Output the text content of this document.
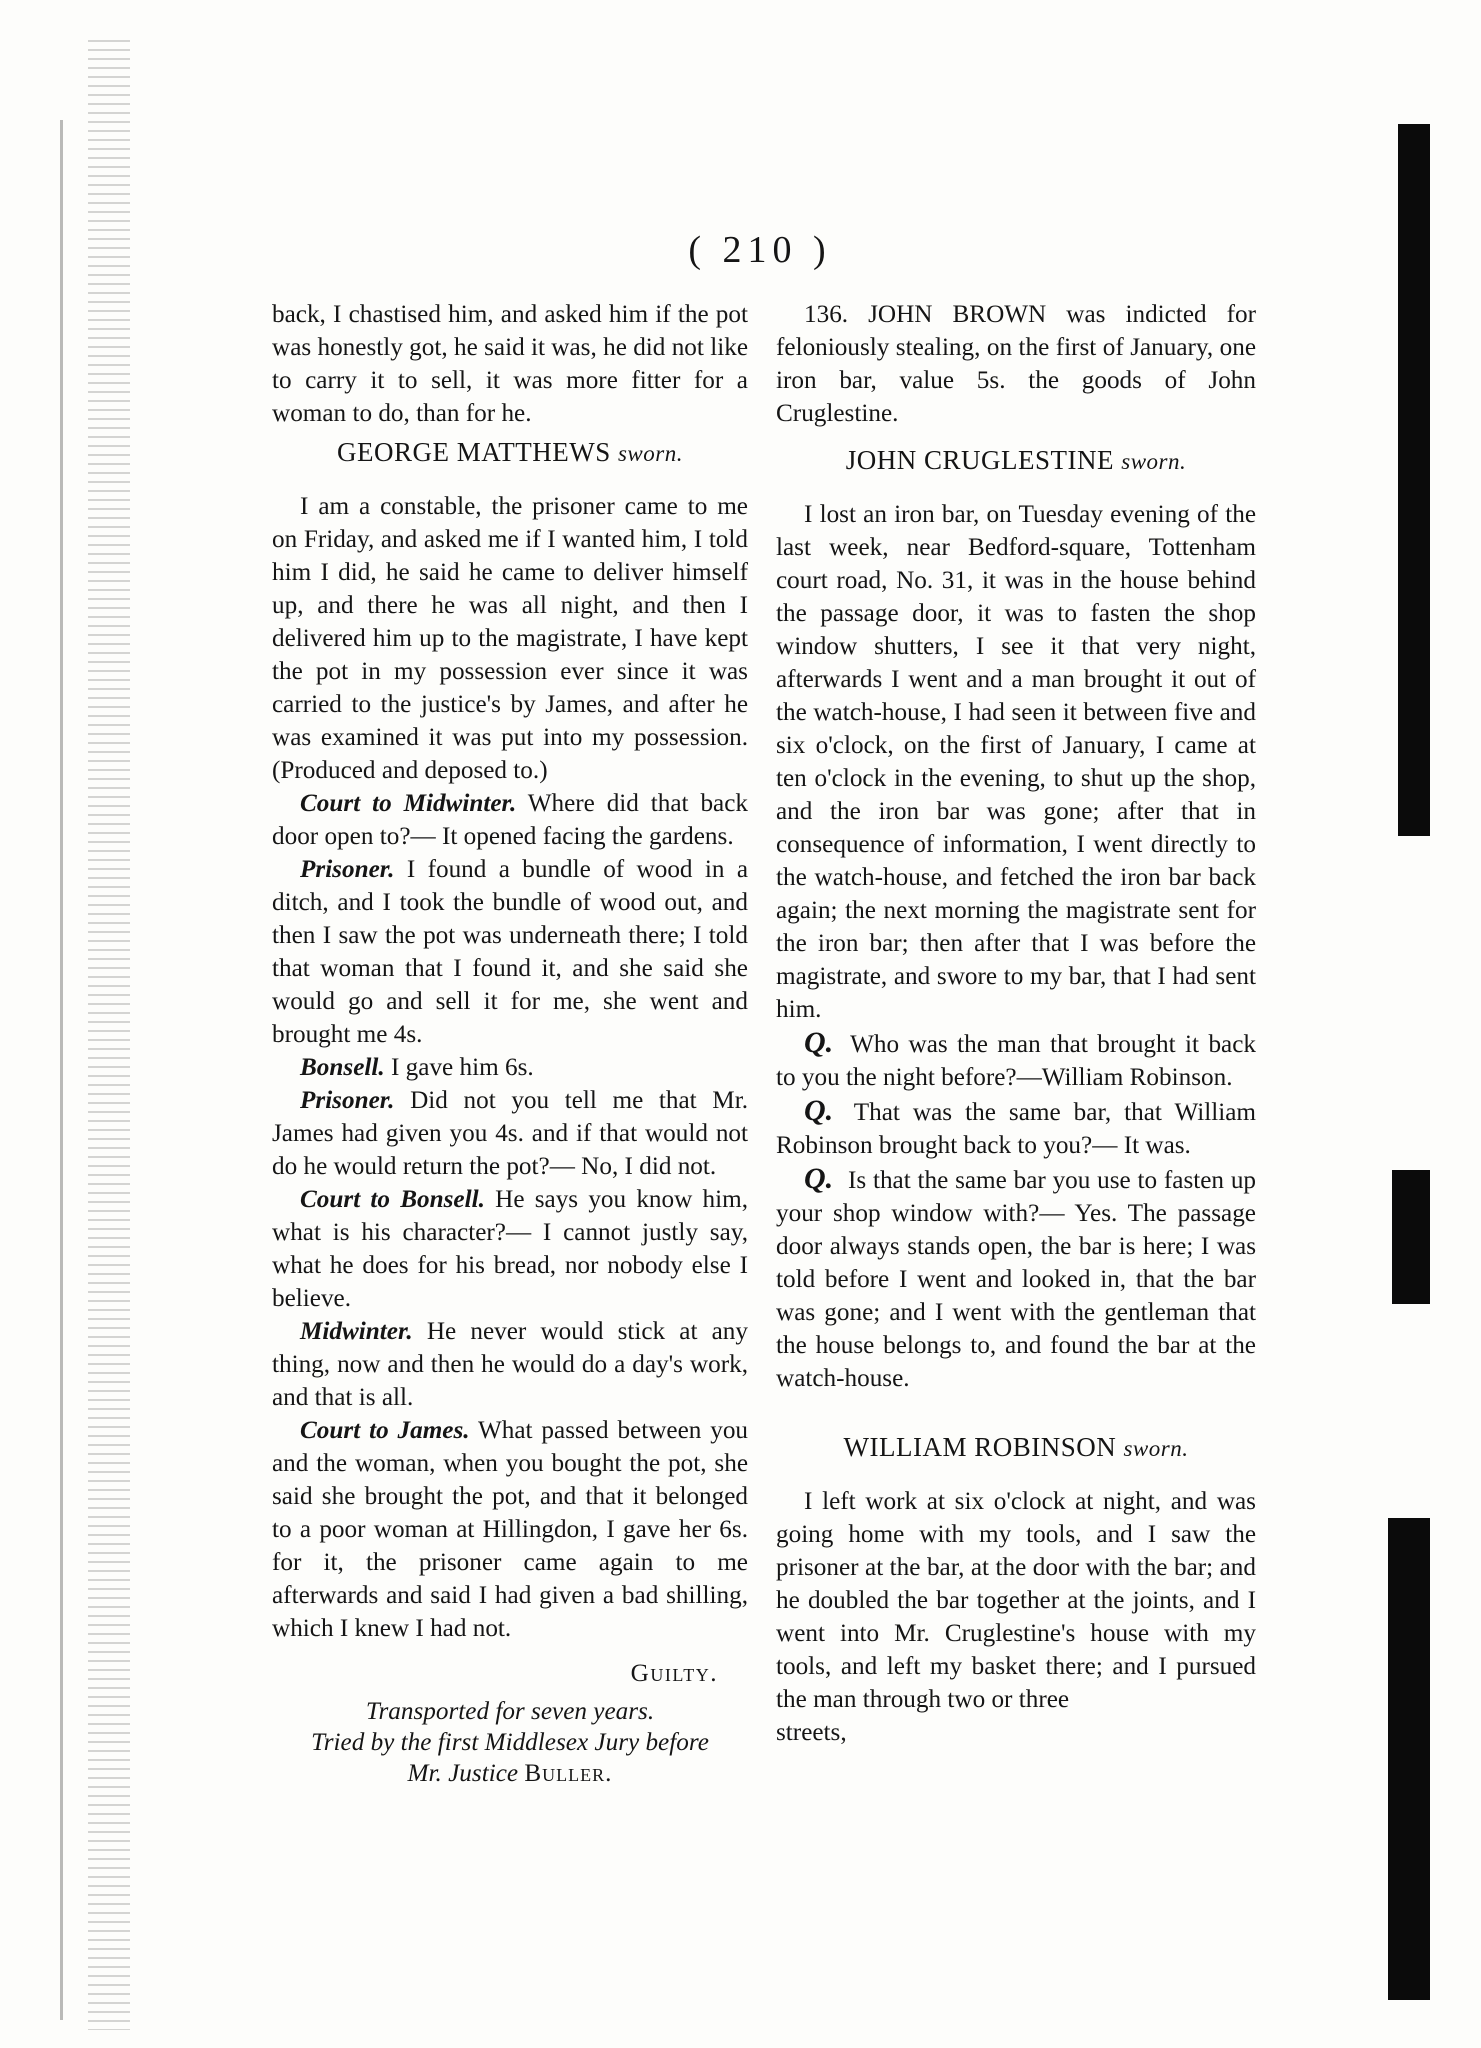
( 210 )

back, I chastised him, and asked him if the pot was honestly got, he said it was, he did not like to carry it to sell, it was more fitter for a woman to do, than for he.

GEORGE MATTHEWS sworn.

I am a constable, the prisoner came to me on Friday, and asked me if I wanted him, I told him I did, he said he came to deliver himself up, and there he was all night, and then I delivered him up to the magistrate, I have kept the pot in my possession ever since it was carried to the justice's by James, and after he was examined it was put into my possession. (Produced and deposed to.)

Court to Midwinter. Where did that back door open to?— It opened facing the gardens.

Prisoner. I found a bundle of wood in a ditch, and I took the bundle of wood out, and then I saw the pot was underneath there; I told that woman that I found it, and she said she would go and sell it for me, she went and brought me 4s.

Bonsell. I gave him 6s.

Prisoner. Did not you tell me that Mr. James had given you 4s. and if that would not do he would return the pot?— No, I did not.

Court to Bonsell. He says you know him, what is his character?— I cannot justly say, what he does for his bread, nor nobody else I believe.

Midwinter. He never would stick at any thing, now and then he would do a day's work, and that is all.

Court to James. What passed between you and the woman, when you bought the pot, she said she brought the pot, and that it belonged to a poor woman at Hillingdon, I gave her 6s. for it, the prisoner came again to me afterwards and said I had given a bad shilling, which I knew I had not.

Guilty.
Transported for seven years.
Tried by the first Middlesex Jury before
Mr. Justice Buller.

136. JOHN BROWN was indicted for feloniously stealing, on the first of January, one iron bar, value 5s. the goods of John Cruglestine.

JOHN CRUGLESTINE sworn.

I lost an iron bar, on Tuesday evening of the last week, near Bedford-square, Tottenham court road, No. 31, it was in the house behind the passage door, it was to fasten the shop window shutters, I see it that very night, afterwards I went and a man brought it out of the watch-house, I had seen it between five and six o'clock, on the first of January, I came at ten o'clock in the evening, to shut up the shop, and the iron bar was gone; after that in consequence of information, I went directly to the watch-house, and fetched the iron bar back again; the next morning the magistrate sent for the iron bar; then after that I was before the magistrate, and swore to my bar, that I had sent him.

Q. Who was the man that brought it back to you the night before?—William Robinson.

Q. That was the same bar, that William Robinson brought back to you?— It was.

Q. Is that the same bar you use to fasten up your shop window with?— Yes. The passage door always stands open, the bar is here; I was told before I went and looked in, that the bar was gone; and I went with the gentleman that the house belongs to, and found the bar at the watch-house.

WILLIAM ROBINSON sworn.

I left work at six o'clock at night, and was going home with my tools, and I saw the prisoner at the bar, at the door with the bar; and he doubled the bar together at the joints, and I went into Mr. Cruglestine's house with my tools, and left my basket there; and I pursued the man through two or three

streets,
